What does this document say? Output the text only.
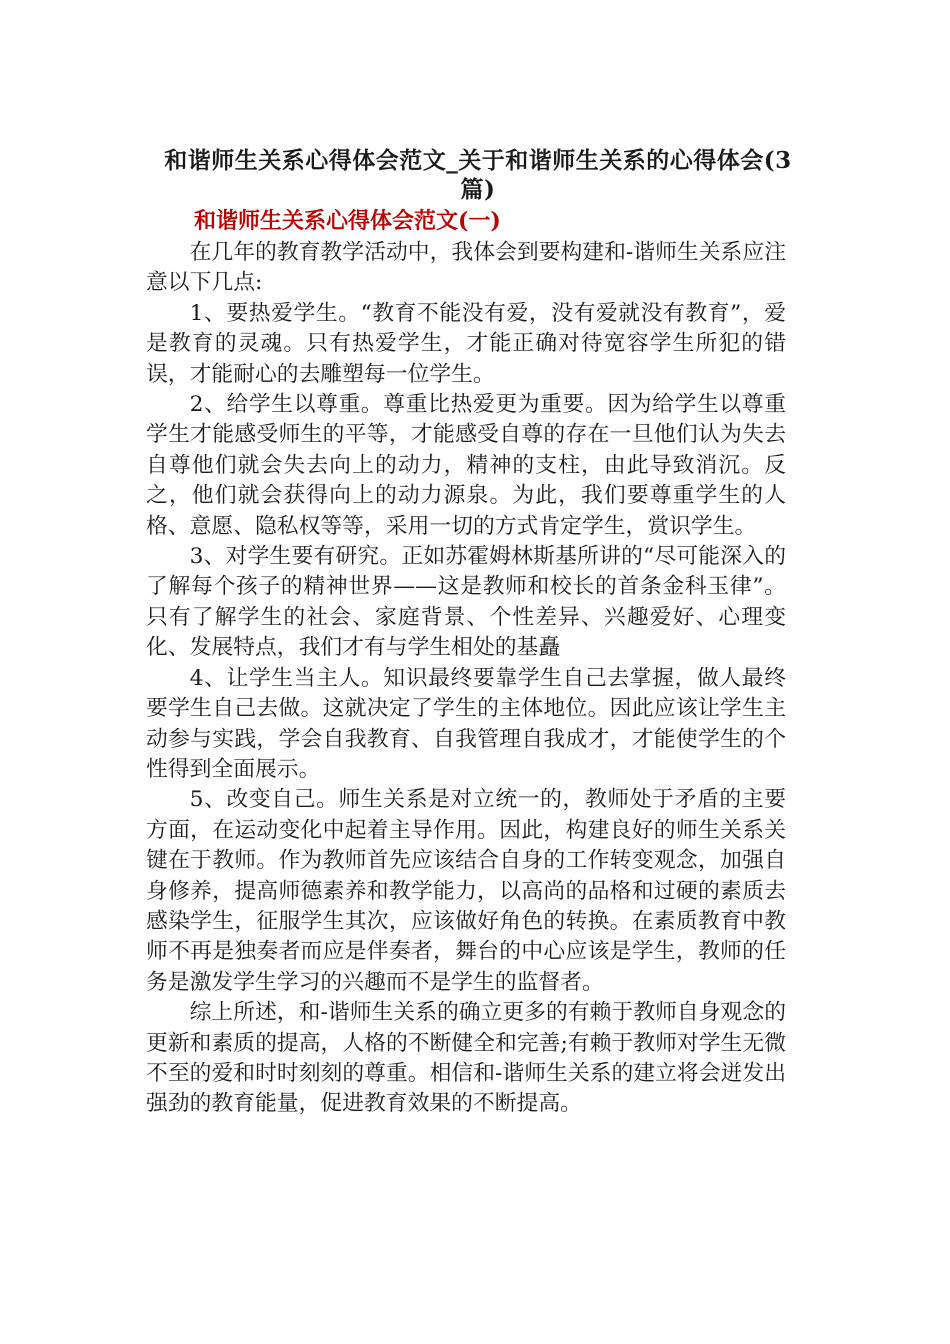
和谐师生关系心得体会范文_关于和谐师生关系的心得体会(3篇)
和谐师生关系心得体会范文(一)

在几年的教育教学活动中，我体会到要构建和-谐师生关系应注意以下几点:

1、要热爱学生。“教育不能没有爱，没有爱就没有教育”，爱是教育的灵魂。只有热爱学生，才能正确对待宽容学生所犯的错误，才能耐心的去雕塑每一位学生。

2、给学生以尊重。尊重比热爱更为重要。因为给学生以尊重学生才能感受师生的平等，才能感受自尊的存在一旦他们认为失去自尊他们就会失去向上的动力，精神的支柱，由此导致消沉。反之，他们就会获得向上的动力源泉。为此，我们要尊重学生的人格、意愿、隐私权等等，采用一切的方式肯定学生，赏识学生。

3、对学生要有研究。正如苏霍姆林斯基所讲的“尽可能深入的了解每个孩子的精神世界——这是教师和校长的首条金科玉律”。只有了解学生的社会、家庭背景、个性差异、兴趣爱好、心理变化、发展特点，我们才有与学生相处的基矗

4、让学生当主人。知识最终要靠学生自己去掌握，做人最终要学生自己去做。这就决定了学生的主体地位。因此应该让学生主动参与实践，学会自我教育、自我管理自我成才，才能使学生的个性得到全面展示。

5、改变自己。师生关系是对立统一的，教师处于矛盾的主要方面，在运动变化中起着主导作用。因此，构建良好的师生关系关键在于教师。作为教师首先应该结合自身的工作转变观念，加强自身修养，提高师德素养和教学能力，以高尚的品格和过硬的素质去感染学生，征服学生其次，应该做好角色的转换。在素质教育中教师不再是独奏者而应是伴奏者，舞台的中心应该是学生，教师的任务是激发学生学习的兴趣而不是学生的监督者。

综上所述，和-谐师生关系的确立更多的有赖于教师自身观念的更新和素质的提高，人格的不断健全和完善;有赖于教师对学生无微不至的爱和时时刻刻的尊重。相信和-谐师生关系的建立将会迸发出强劲的教育能量，促进教育效果的不断提高。
